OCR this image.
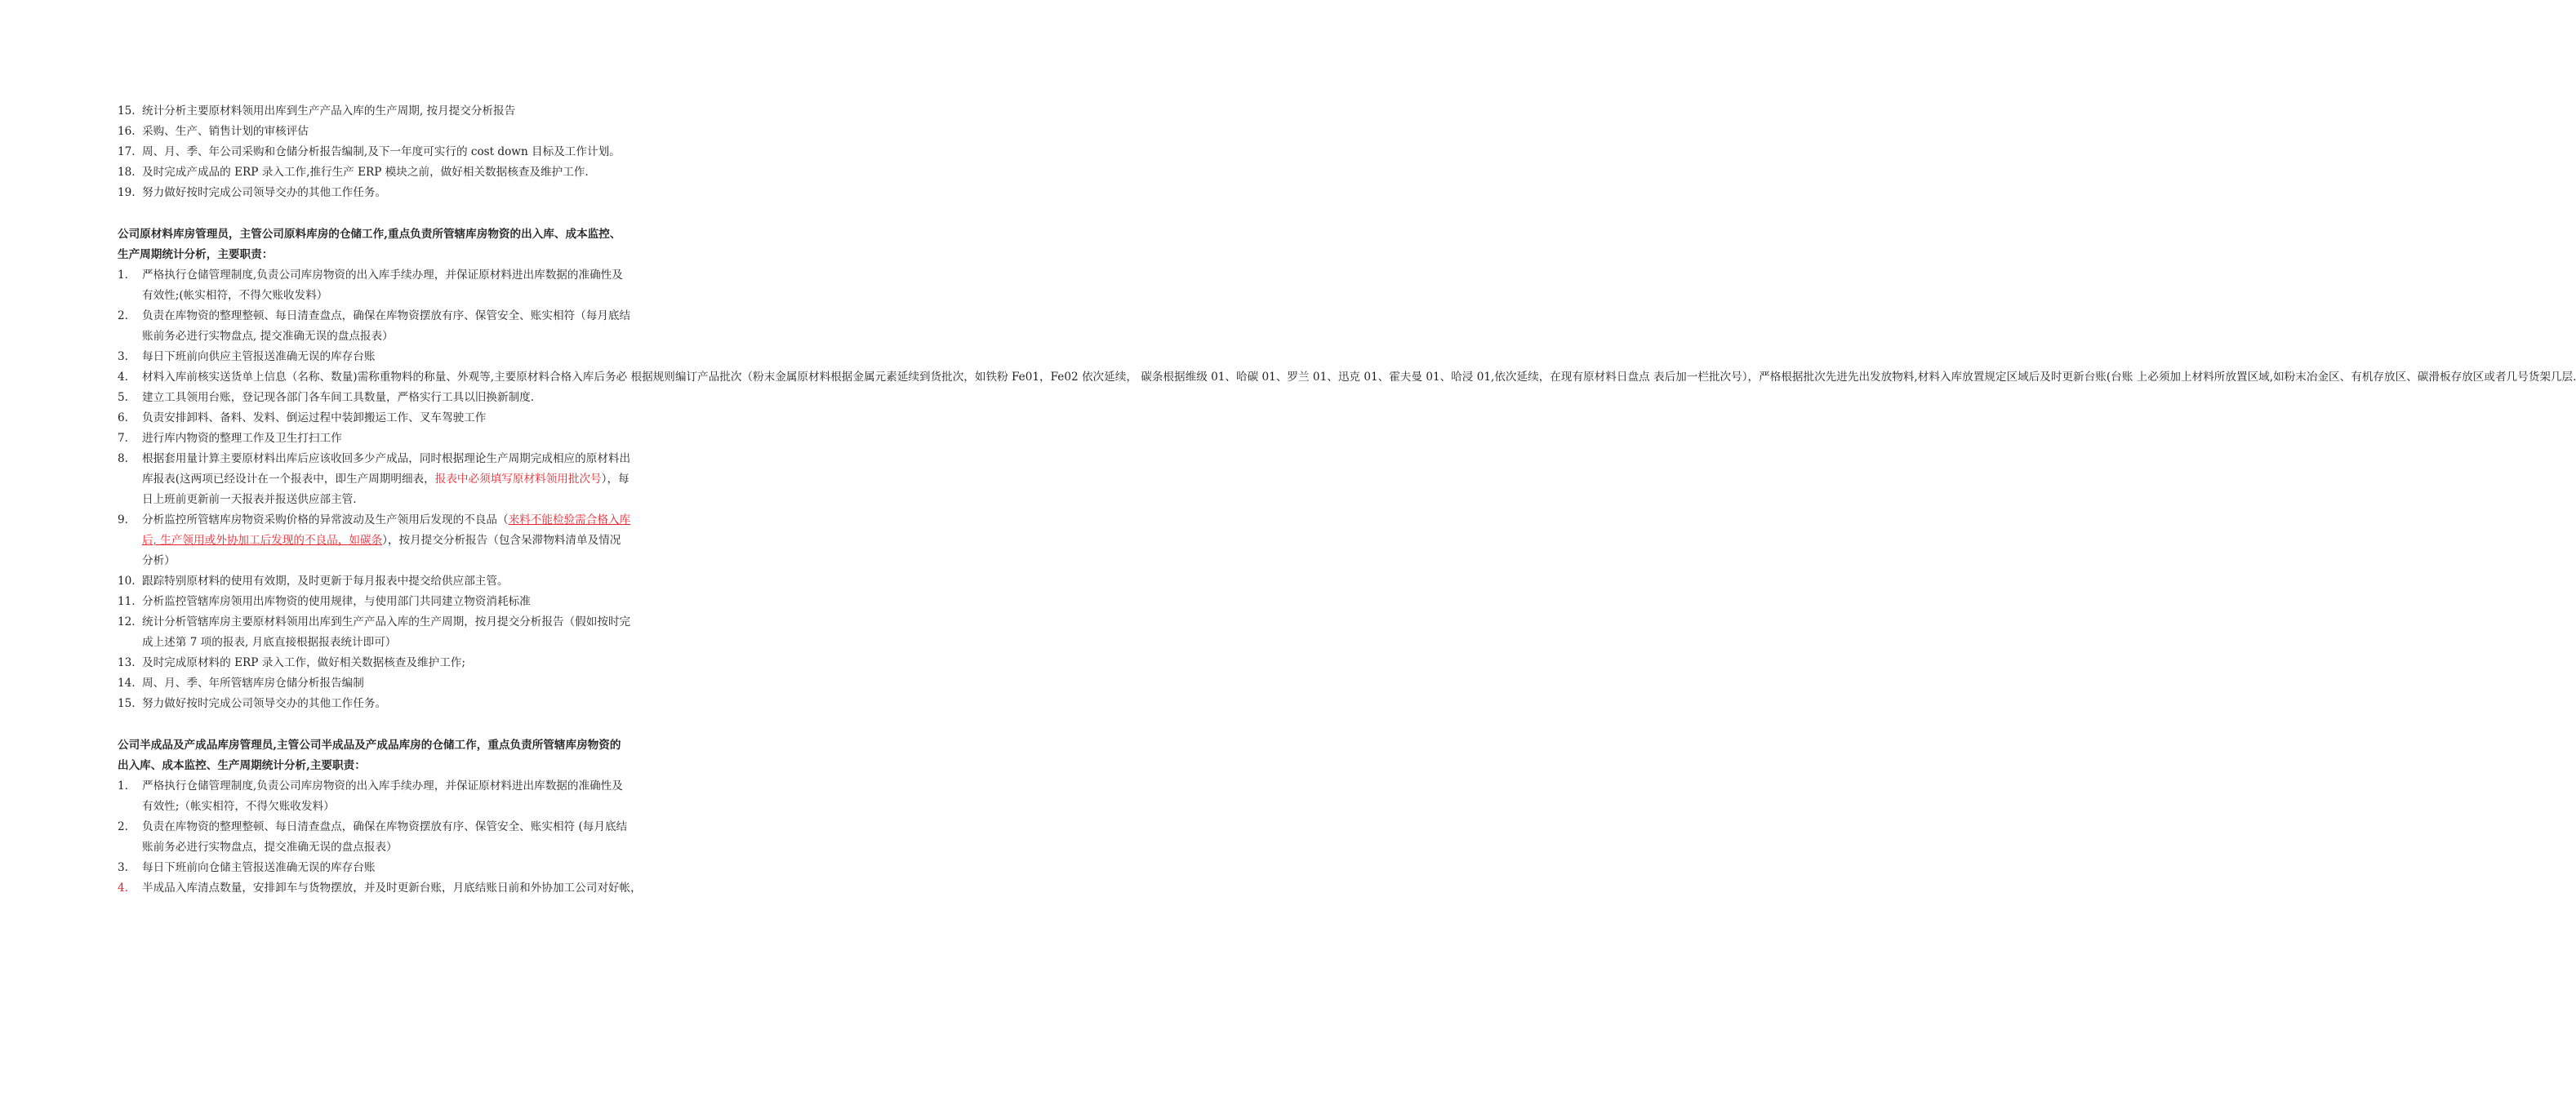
15. 统计分析主要原材料领用出库到生产产品入库的生产周期, 按月提交分析报告
16. 采购、生产、销售计划的审核评估
17. 周、月、季、年公司采购和仓储分析报告编制,及下一年度可实行的 cost down 目标及工作计划。
18. 及时完成产成品的 ERP 录入工作,推行生产 ERP 模块之前，做好相关数据核查及维护工作.
19. 努力做好按时完成公司领导交办的其他工作任务。
公司原材料库房管理员，主管公司原料库房的仓储工作,重点负责所管辖库房物资的出入库、成本监控、
生产周期统计分析，主要职责：
1. 严格执行仓储管理制度,负责公司库房物资的出入库手续办理，并保证原材料进出库数据的准确性及
有效性;(帐实相符，不得欠账收发料）
2. 负责在库物资的整理整顿、每日清查盘点，确保在库物资摆放有序、保管安全、账实相符（每月底结
账前务必进行实物盘点, 提交准确无误的盘点报表）
3. 每日下班前向供应主管报送准确无误的库存台账
4. 材料入库前核实送货单上信息（名称、数量)需称重物料的称量、外观等,主要原材料合格入库后务必 根据规则编订产品批次（粉末金属原材料根据金属元素延续到货批次，如铁粉 Fe01，Fe02 依次延续， 碳条根据维级 01、哈碳 01、罗兰 01、迅克 01、霍夫曼 01、哈浸 01,依次延续，在现有原材料日盘点 表后加一栏批次号），严格根据批次先进先出发放物料,材料入库放置规定区域后及时更新台账(台账 上必须加上材料所放置区域,如粉末冶金区、有机存放区、碳滑板存放区或者几号货架几层.
5. 建立工具领用台账，登记现各部门各车间工具数量，严格实行工具以旧换新制度.
6. 负责安排卸料、备料、发料、倒运过程中装卸搬运工作、叉车驾驶工作
7. 进行库内物资的整理工作及卫生打扫工作
8. 根据套用量计算主要原材料出库后应该收回多少产成品，同时根据理论生产周期完成相应的原材料出
库报表(这两项已经设计在一个报表中，即生产周期明细表，报表中必须填写原材料领用批次号），每
日上班前更新前一天报表并报送供应部主管.
9. 分析监控所管辖库房物资采购价格的异常波动及生产领用后发现的不良品（来料不能检验需合格入库
后, 生产领用或外协加工后发现的不良品，如碳条），按月提交分析报告（包含呆滞物料清单及情况
分析）
10. 跟踪特别原材料的使用有效期，及时更新于每月报表中提交给供应部主管。
11. 分析监控管辖库房领用出库物资的使用规律，与使用部门共同建立物资消耗标准
12. 统计分析管辖库房主要原材料领用出库到生产产品入库的生产周期，按月提交分析报告（假如按时完
成上述第 7 项的报表, 月底直接根据报表统计即可）
13. 及时完成原材料的 ERP 录入工作，做好相关数据核查及维护工作;
14. 周、月、季、年所管辖库房仓储分析报告编制
15. 努力做好按时完成公司领导交办的其他工作任务。
公司半成品及产成品库房管理员,主管公司半成品及产成品库房的仓储工作，重点负责所管辖库房物资的
出入库、成本监控、生产周期统计分析,主要职责：
1. 严格执行仓储管理制度,负责公司库房物资的出入库手续办理，并保证原材料进出库数据的准确性及
有效性;（帐实相符，不得欠账收发料）
2. 负责在库物资的整理整顿、每日清查盘点，确保在库物资摆放有序、保管安全、账实相符 (每月底结
账前务必进行实物盘点，提交准确无误的盘点报表）
3. 每日下班前向仓储主管报送准确无误的库存台账
4. 半成品入库清点数量，安排卸车与货物摆放，并及时更新台账，月底结账日前和外协加工公司对好帐，
